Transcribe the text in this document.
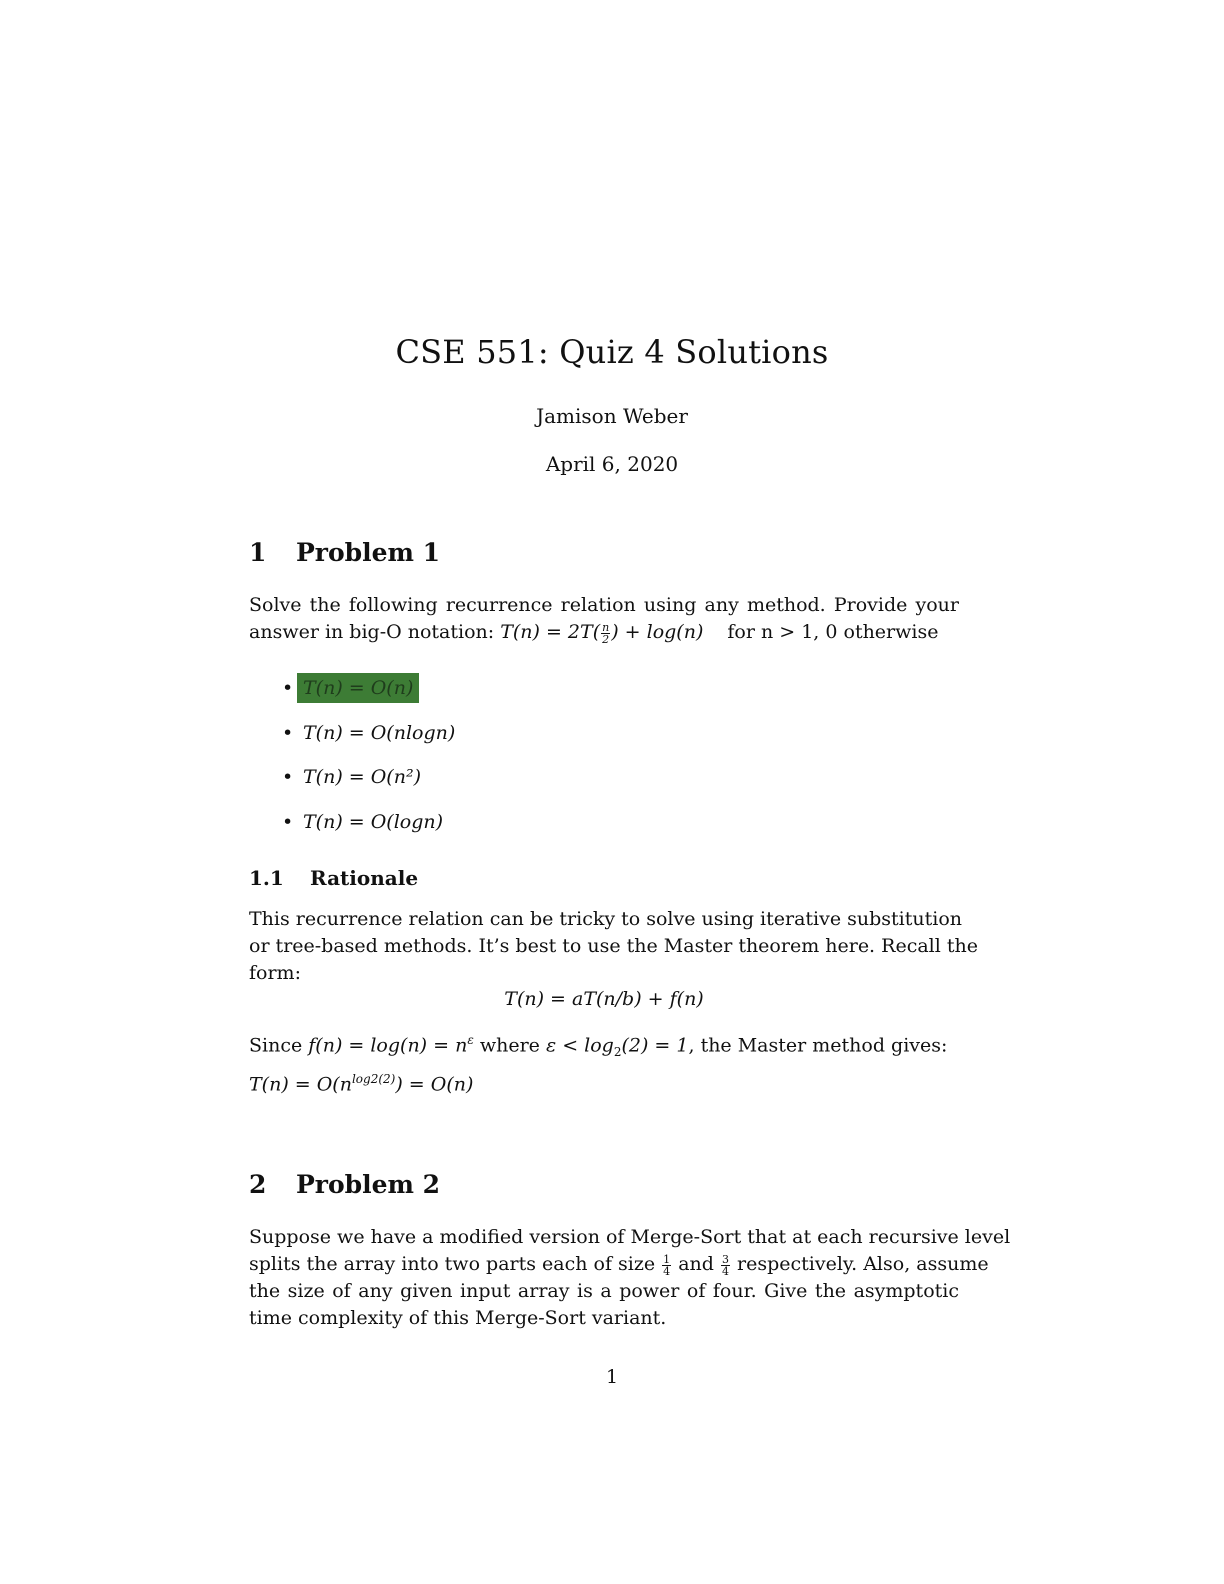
CSE 551: Quiz 4 Solutions
Jamison Weber
April 6, 2020
1 Problem 1
Solve the following recurrence relation using any method. Provide your
answer in big-O notation: $T(n) = 2T( \frac{n}{2}$ ) + log(n) for n > 1, 0 otherwise
• T(n) = O(n)
• T(n) = O(nlogn)
• T(n) = O(n²)
• T(n) = O(logn)
1.1 Rationale
This recurrence relation can be tricky to solve using iterative substitution
or tree-based methods. It’s best to use the Master theorem here. Recall the
form:
T(n) = aT(n/b) + f(n)
Since $f(n) = \log(n) = n^\varepsilon$ where $\varepsilon < \log_2(2) = 1$, the Master method gives:
$T(n) = O(n^{log2(2)}) = O(n)$
2 Problem 2
Suppose we have a modified version of Merge-Sort that at each recursive level
splits the array into two parts each of size $\frac{1}{4}$ and $\frac{3}{4}$ respectively. Also, assume
the size of any given input array is a power of four. Give the asymptotic
time complexity of this Merge-Sort variant.
1
